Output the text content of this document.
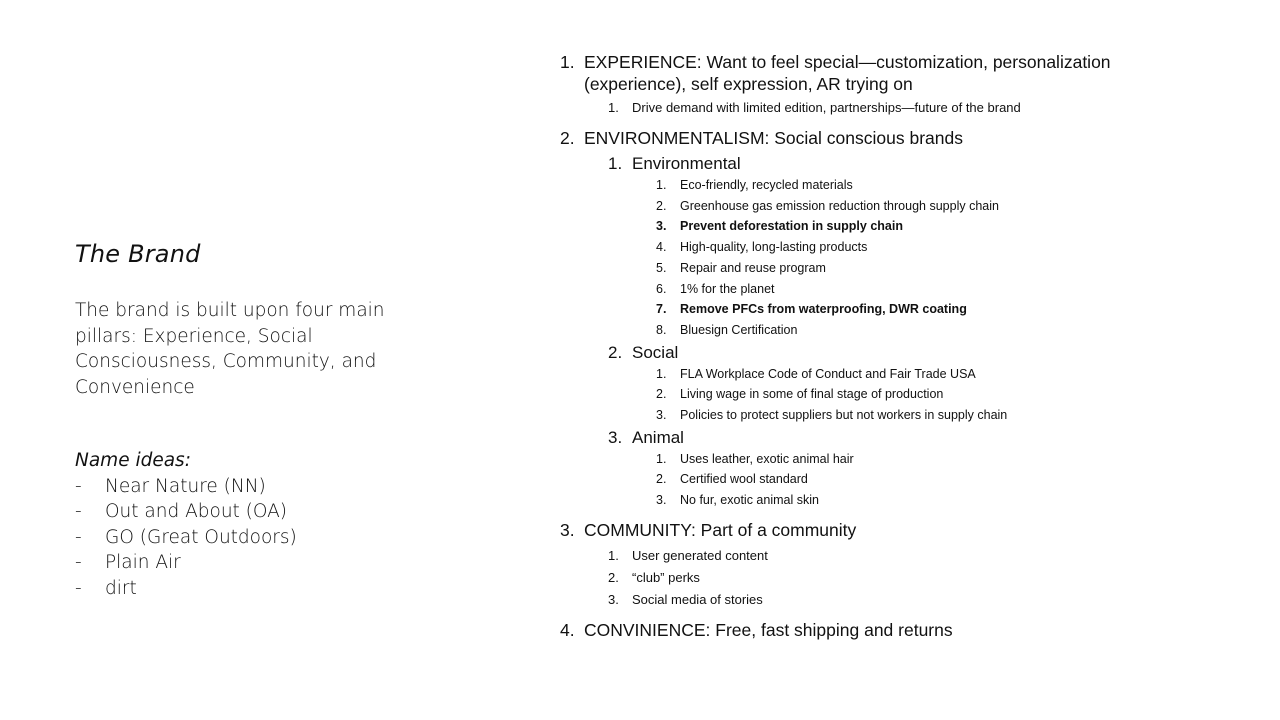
The Brand
The brand is built upon four main pillars: Experience, Social Consciousness, Community, and Convenience
Name ideas:
- Near Nature (NN)
- Out and About (OA)
- GO (Great Outdoors)
- Plain Air
- dirt
1. EXPERIENCE: Want to feel special—customization, personalization (experience), self expression, AR trying on
1.	Drive demand with limited edition, partnerships—future of the brand
2. ENVIRONMENTALISM: Social conscious brands
1. Environmental
1.	Eco-friendly, recycled materials
2.	Greenhouse gas emission reduction through supply chain
3.	Prevent deforestation in supply chain
4.	High-quality, long-lasting products
5.	Repair and reuse program
6.	1% for the planet
7.	Remove PFCs from waterproofing, DWR coating
8.	Bluesign Certification
2. Social
1.	FLA Workplace Code of Conduct and Fair Trade USA
2.	Living wage in some of final stage of production
3.	Policies to protect suppliers but not workers in supply chain
3. Animal
1.	Uses leather, exotic animal hair
2.	Certified wool standard
3.	No fur, exotic animal skin
3. COMMUNITY: Part of a community
1.	User generated content
2.	“club” perks
3.	Social media of stories
4. CONVINIENCE: Free, fast shipping and returns
